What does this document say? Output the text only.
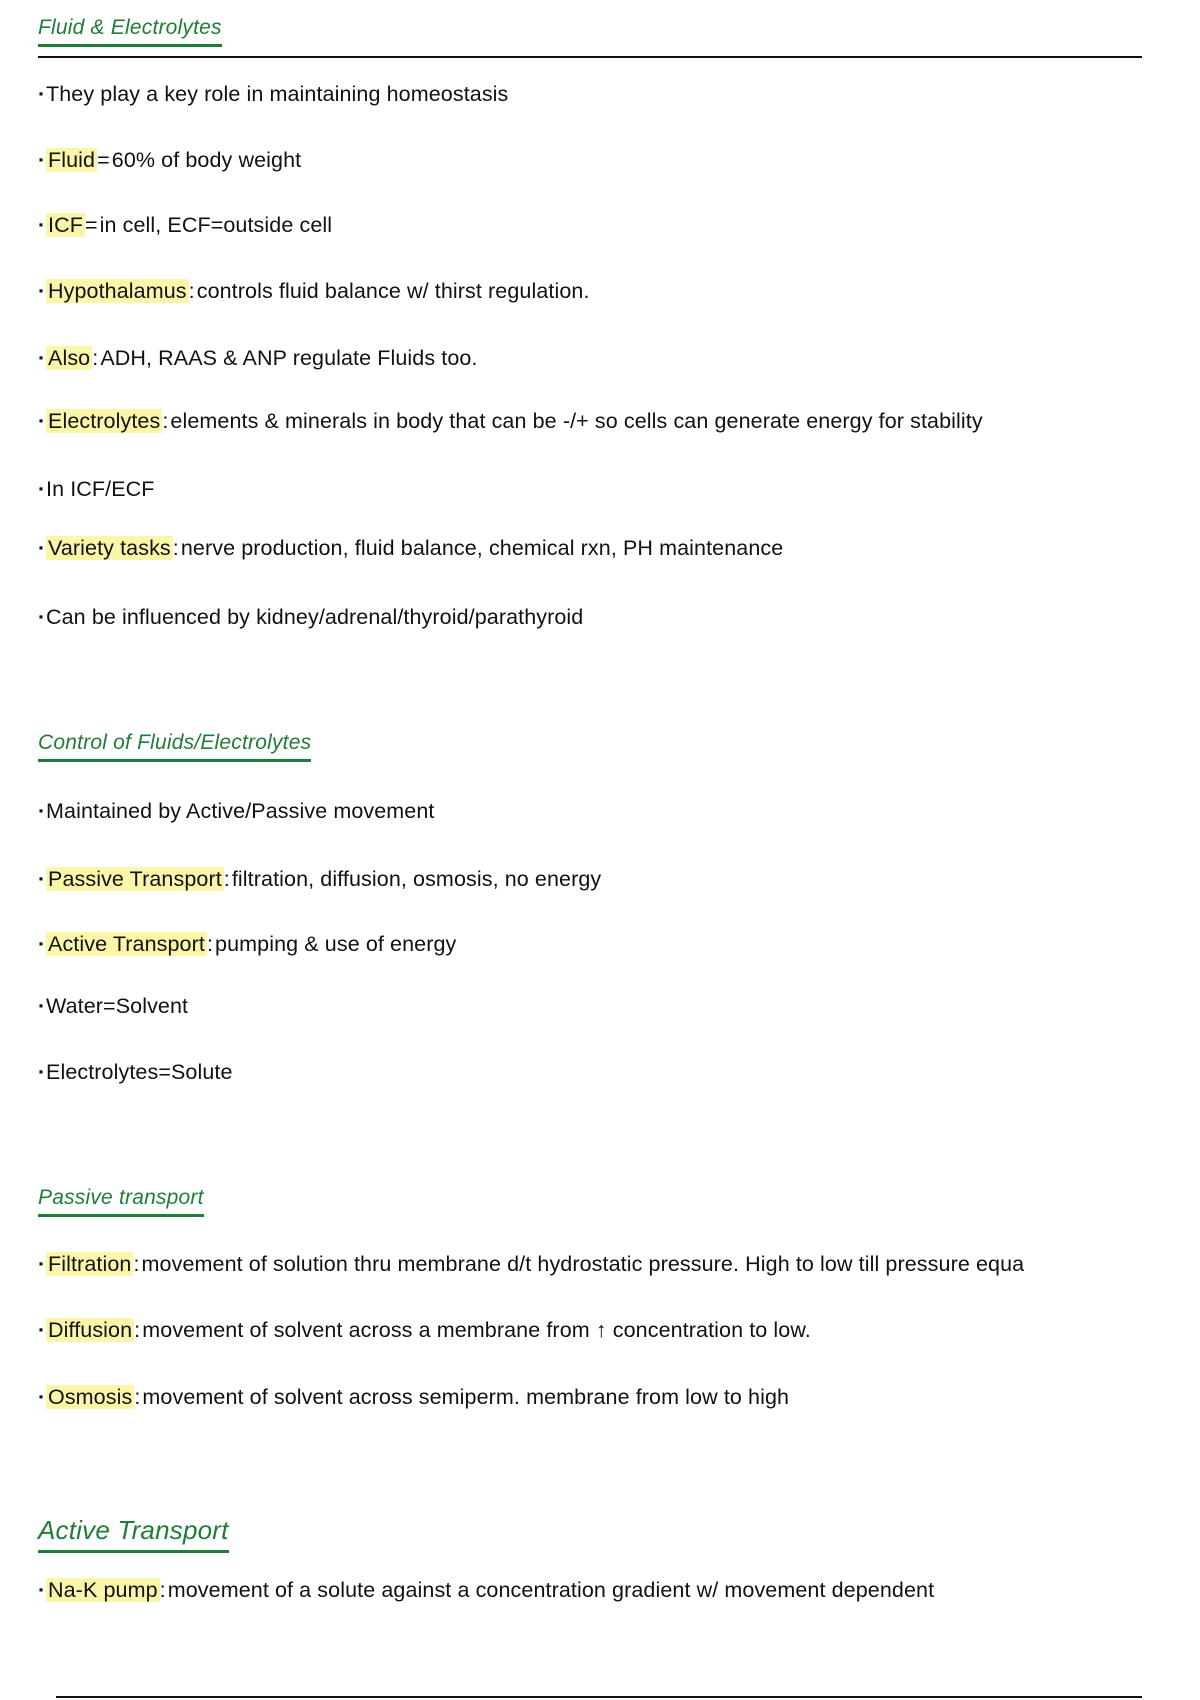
Fluid & Electrolytes
·They play a key role in maintaining homeostasis
· Fluid=60% of body weight
· ICF=in cell, ECF=outside cell
· Hypothalamus:controls fluid balance w/ thirst regulation.
· Also:ADH, RAAS & ANP regulate Fluids too.
· Electrolytes:elements & minerals in body that can be -/+ so cells can generate energy for stability
·In ICF/ECF
· Variety tasks:nerve production, fluid balance, chemical rxn, PH maintenance
·Can be influenced by kidney/adrenal/thyroid/parathyroid
Control of Fluids/Electrolytes
·Maintained by Active/Passive movement
· Passive Transport:filtration, diffusion, osmosis, no energy
· Active Transport:pumping & use of energy
·Water=Solvent
·Electrolytes=Solute
Passive transport
· Filtration:movement of solution thru membrane d/t hydrostatic pressure. High to low till pressure equa
· Diffusion:movement of solvent across a membrane from ↑ concentration to low.
· Osmosis:movement of solvent across semiperm. membrane from low to high
Active Transport
· Na-K pump:movement of a solute against a concentration gradient w/ movement dependent
